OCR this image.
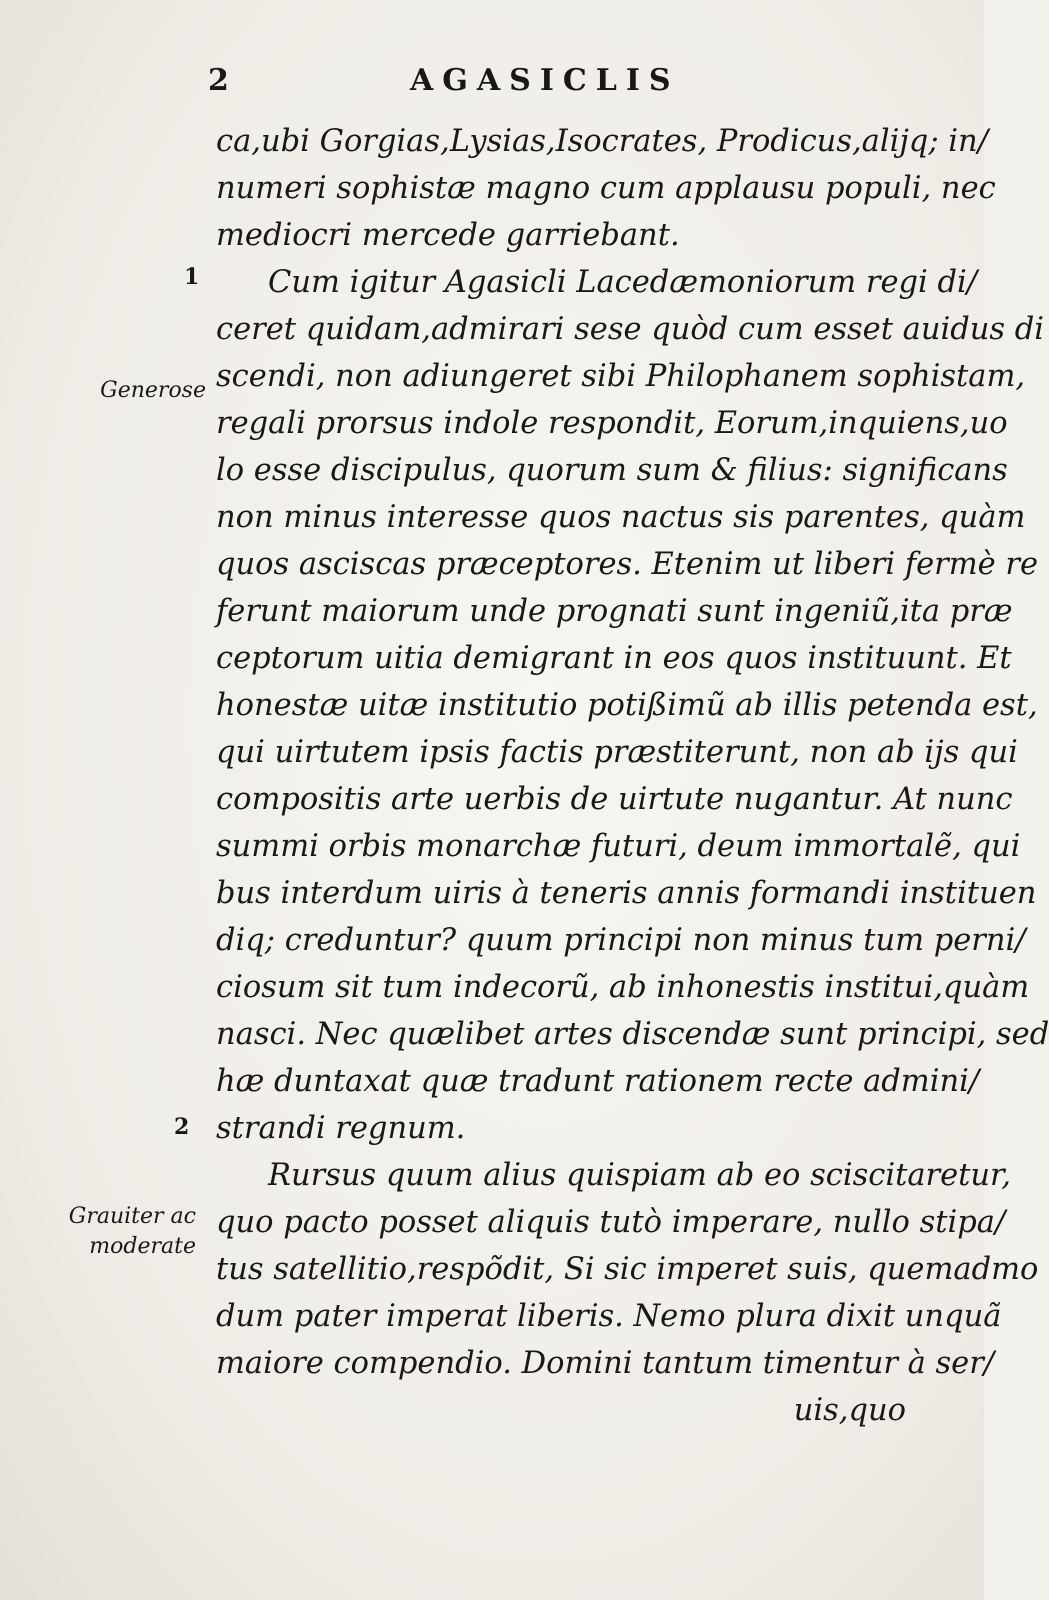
2	AGASICLIS
1
2
Generose
Grauiter ac moderate
ca,ubi Gorgias,Lysias,Isocrates, Prodicus,alijq; in/
numeri sophistæ magno cum applausu populi, nec
mediocri mercede garriebant.
Cum igitur Agasicli Lacedæmoniorum regi di/
ceret quidam,admirari sese quòd cum esset auidus di
scendi, non adiungeret sibi Philophanem sophistam,
regali prorsus indole respondit, Eorum,inquiens,uo
lo esse discipulus, quorum sum & filius: significans
non minus interesse quos nactus sis parentes, quàm
quos asciscas præceptores. Etenim ut liberi fermè re
ferunt maiorum unde prognati sunt ingeniũ,ita præ
ceptorum uitia demigrant in eos quos instituunt. Et
honestæ uitæ institutio potißimũ ab illis petenda est,
qui uirtutem ipsis factis præstiterunt, non ab ijs qui
compositis arte uerbis de uirtute nugantur. At nunc
summi orbis monarchæ futuri, deum immortalẽ, qui
bus interdum uiris à teneris annis formandi instituen
diq; creduntur? quum principi non minus tum perni/
ciosum sit tum indecorũ, ab inhonestis institui,quàm
nasci. Nec quælibet artes discendæ sunt principi, sed
hæ duntaxat quæ tradunt rationem recte admini/
strandi regnum.
Rursus quum alius quispiam ab eo sciscitaretur,
quo pacto posset aliquis tutò imperare, nullo stipa/
tus satellitio,respõdit, Si sic imperet suis, quemadmo
dum pater imperat liberis. Nemo plura dixit unquã
maiore compendio. Domini tantum timentur à ser/
uis,quo
